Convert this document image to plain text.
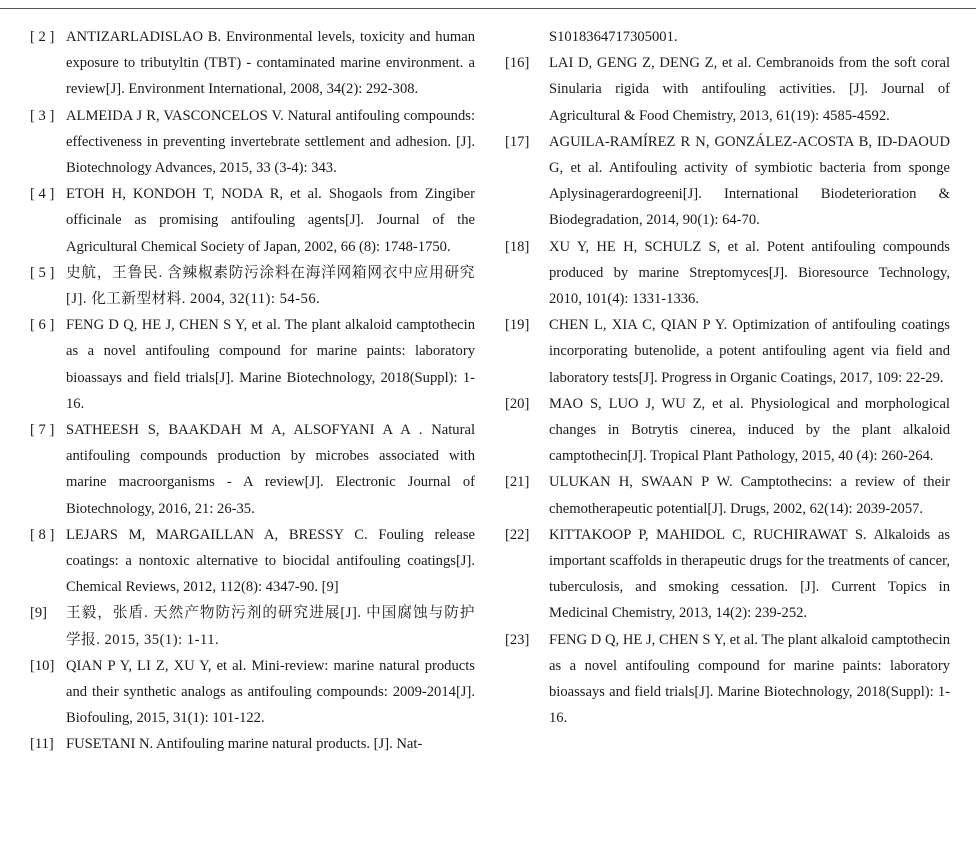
[ 2 ] ANTIZARLADISLAO B. Environmental levels, toxicity and human exposure to tributyltin (TBT) - contaminated marine environment. a review[J]. Environment International, 2008, 34(2): 292-308.
[ 3 ] ALMEIDA J R, VASCONCELOS V. Natural antifouling compounds: effectiveness in preventing invertebrate settlement and adhesion. [J]. Biotechnology Advances, 2015, 33 (3-4): 343.
[ 4 ] ETOH H, KONDOH T, NODA R, et al. Shogaols from Zingiber officinale as promising antifouling agents[J]. Journal of the Agricultural Chemical Society of Japan, 2002, 66 (8): 1748-1750.
[ 5 ] 史航，王鲁民. 含辣椒素防污涂料在海洋网箱网衣中应用研究[J]. 化工新型材料. 2004, 32(11): 54-56.
[ 6 ] FENG D Q, HE J, CHEN S Y, et al. The plant alkaloid camptothecin as a novel antifouling compound for marine paints: laboratory bioassays and field trials[J]. Marine Biotechnology, 2018(Suppl): 1-16.
[ 7 ] SATHEESH S, BAAKDAH M A, ALSOFYANI A A . Natural antifouling compounds production by microbes associated with marine macroorganisms - A review[J]. Electronic Journal of Biotechnology, 2016, 21: 26-35.
[ 8 ] LEJARS M, MARGAILLAN A, BRESSY C. Fouling release coatings: a nontoxic alternative to biocidal antifouling coatings[J]. Chemical Reviews, 2012, 112(8): 4347-90. [9]
[9]	王毅，张盾. 天然产物防污剂的研究进展[J]. 中国腐蚀与防护学报. 2015, 35(1): 1-11.
[10] QIAN P Y, LI Z, XU Y, et al. Mini-review: marine natural products and their synthetic analogs as antifouling compounds: 2009-2014[J]. Biofouling, 2015, 31(1): 101-122.
[11] FUSETANI N. Antifouling marine natural products. [J]. Nat-
S1018364717305001.
[16]	LAI D, GENG Z, DENG Z, et al. Cembranoids from the soft coral Sinularia rigida with antifouling activities. [J]. Journal of Agricultural & Food Chemistry, 2013, 61(19): 4585-4592.
[17]	AGUILA-RAMÍREZ R N, GONZÁLEZ-ACOSTA B, ID-DAOUD G, et al. Antifouling activity of symbiotic bacteria from sponge Aplysinagerardogreeni[J]. International Biodeterioration & Biodegradation, 2014, 90(1): 64-70.
[18]	XU Y, HE H, SCHULZ S, et al. Potent antifouling compounds produced by marine Streptomyces[J]. Bioresource Technology, 2010, 101(4): 1331-1336.
[19]	CHEN L, XIA C, QIAN P Y. Optimization of antifouling coatings incorporating butenolide, a potent antifouling agent via field and laboratory tests[J]. Progress in Organic Coatings, 2017, 109: 22-29.
[20]	MAO S, LUO J, WU Z, et al. Physiological and morphological changes in Botrytis cinerea, induced by the plant alkaloid camptothecin[J]. Tropical Plant Pathology, 2015, 40 (4): 260-264.
[21]	ULUKAN H, SWAAN P W. Camptothecins: a review of their chemotherapeutic potential[J]. Drugs, 2002, 62(14): 2039-2057.
[22]	KITTAKOOP P, MAHIDOL C, RUCHIRAWAT S. Alkaloids as important scaffolds in therapeutic drugs for the treatments of cancer, tuberculosis, and smoking cessation. [J]. Current Topics in Medicinal Chemistry, 2013, 14(2): 239-252.
[23]	FENG D Q, HE J, CHEN S Y, et al. The plant alkaloid camptothecin as a novel antifouling compound for marine paints: laboratory bioassays and field trials[J]. Marine Biotechnology, 2018(Suppl): 1-16.
